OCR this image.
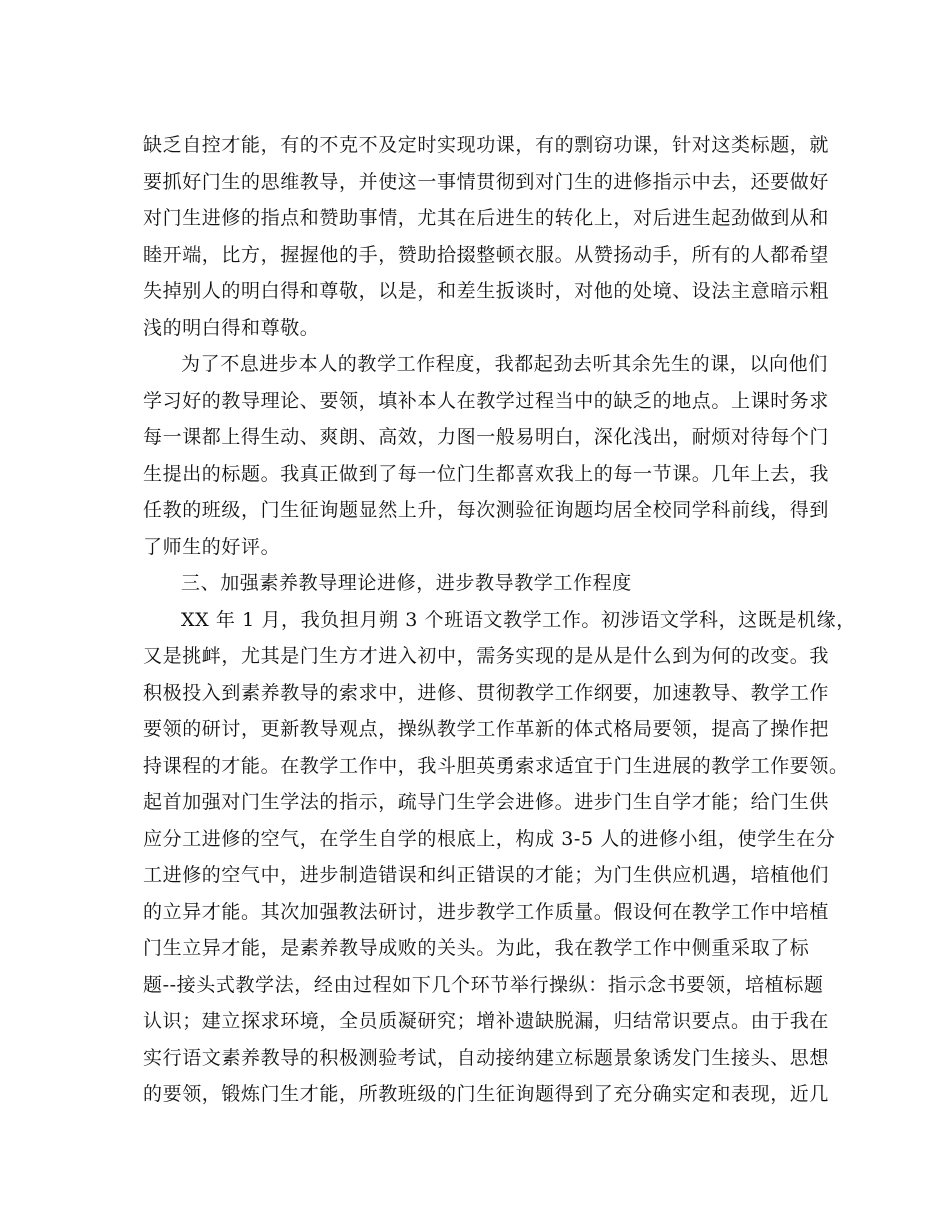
缺乏自控才能，有的不克不及定时实现功课，有的剽窃功课，针对这类标题，就
要抓好门生的思维教导，并使这一事情贯彻到对门生的进修指示中去，还要做好
对门生进修的指点和赞助事情，尤其在后进生的转化上，对后进生起劲做到从和
睦开端，比方，握握他的手，赞助拾掇整顿衣服。从赞扬动手，所有的人都希望
失掉别人的明白得和尊敬，以是，和差生扳谈时，对他的处境、设法主意暗示粗
浅的明白得和尊敬。
为了不息进步本人的教学工作程度，我都起劲去听其余先生的课，以向他们
学习好的教导理论、要领，填补本人在教学过程当中的缺乏的地点。上课时务求
每一课都上得生动、爽朗、高效，力图一般易明白，深化浅出，耐烦对待每个门
生提出的标题。我真正做到了每一位门生都喜欢我上的每一节课。几年上去，我
任教的班级，门生征询题显然上升，每次测验征询题均居全校同学科前线，得到
了师生的好评。
三、加强素养教导理论进修，进步教导教学工作程度
XX 年 1 月，我负担月朔 3 个班语文教学工作。初涉语文学科，这既是机缘，
又是挑衅，尤其是门生方才进入初中，需务实现的是从是什么到为何的改变。我
积极投入到素养教导的索求中，进修、贯彻教学工作纲要，加速教导、教学工作
要领的研讨，更新教导观点，操纵教学工作革新的体式格局要领，提高了操作把
持课程的才能。在教学工作中，我斗胆英勇索求适宜于门生进展的教学工作要领。
起首加强对门生学法的指示，疏导门生学会进修。进步门生自学才能；给门生供
应分工进修的空气，在学生自学的根底上，构成 3-5 人的进修小组，使学生在分
工进修的空气中，进步制造错误和纠正错误的才能；为门生供应机遇，培植他们
的立异才能。其次加强教法研讨，进步教学工作质量。假设何在教学工作中培植
门生立异才能，是素养教导成败的关头。为此，我在教学工作中侧重采取了标
题--接头式教学法，经由过程如下几个环节举行操纵：指示念书要领，培植标题
认识；建立探求环境，全员质凝研究；增补遗缺脱漏，归结常识要点。由于我在
实行语文素养教导的积极测验考试，自动接纳建立标题景象诱发门生接头、思想
的要领，锻炼门生才能，所教班级的门生征询题得到了充分确实定和表现，近几
